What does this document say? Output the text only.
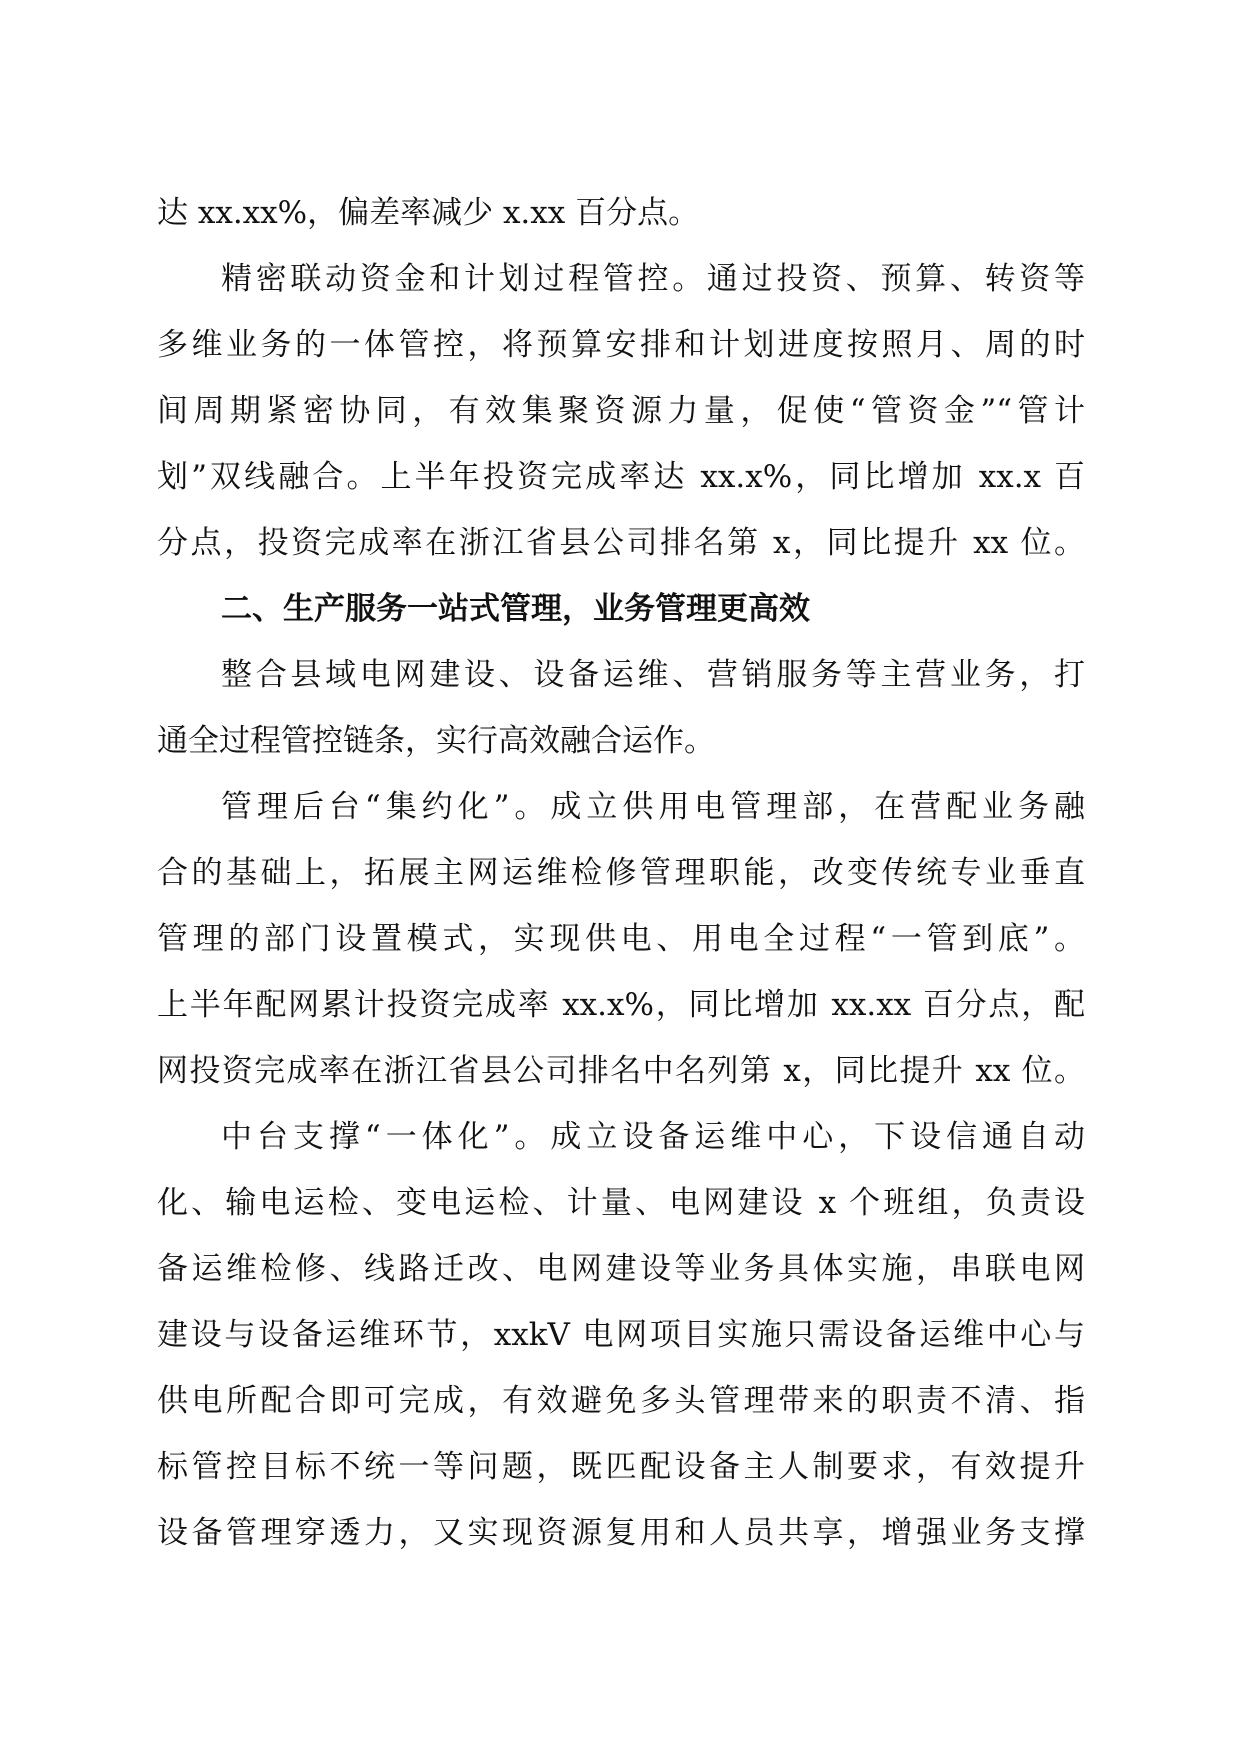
达 xx.xx%，偏差率减少 x.xx 百分点。
精密联动资金和计划过程管控。通过投资、预算、转资等
多维业务的一体管控，将预算安排和计划进度按照月、周的时
间周期紧密协同，有效集聚资源力量，促使“管资金”“管计
划”双线融合。上半年投资完成率达 xx.x%，同比增加 xx.x 百
分点，投资完成率在浙江省县公司排名第 x，同比提升 xx 位。
二、生产服务一站式管理，业务管理更高效
整合县域电网建设、设备运维、营销服务等主营业务，打
通全过程管控链条，实行高效融合运作。
管理后台“集约化”。成立供用电管理部，在营配业务融
合的基础上，拓展主网运维检修管理职能，改变传统专业垂直
管理的部门设置模式，实现供电、用电全过程“一管到底”。
上半年配网累计投资完成率 xx.x%，同比增加 xx.xx 百分点，配
网投资完成率在浙江省县公司排名中名列第 x，同比提升 xx 位。
中台支撑“一体化”。成立设备运维中心，下设信通自动
化、输电运检、变电运检、计量、电网建设 x 个班组，负责设
备运维检修、线路迁改、电网建设等业务具体实施，串联电网
建设与设备运维环节，xxkV 电网项目实施只需设备运维中心与
供电所配合即可完成，有效避免多头管理带来的职责不清、指
标管控目标不统一等问题，既匹配设备主人制要求，有效提升
设备管理穿透力，又实现资源复用和人员共享，增强业务支撑
